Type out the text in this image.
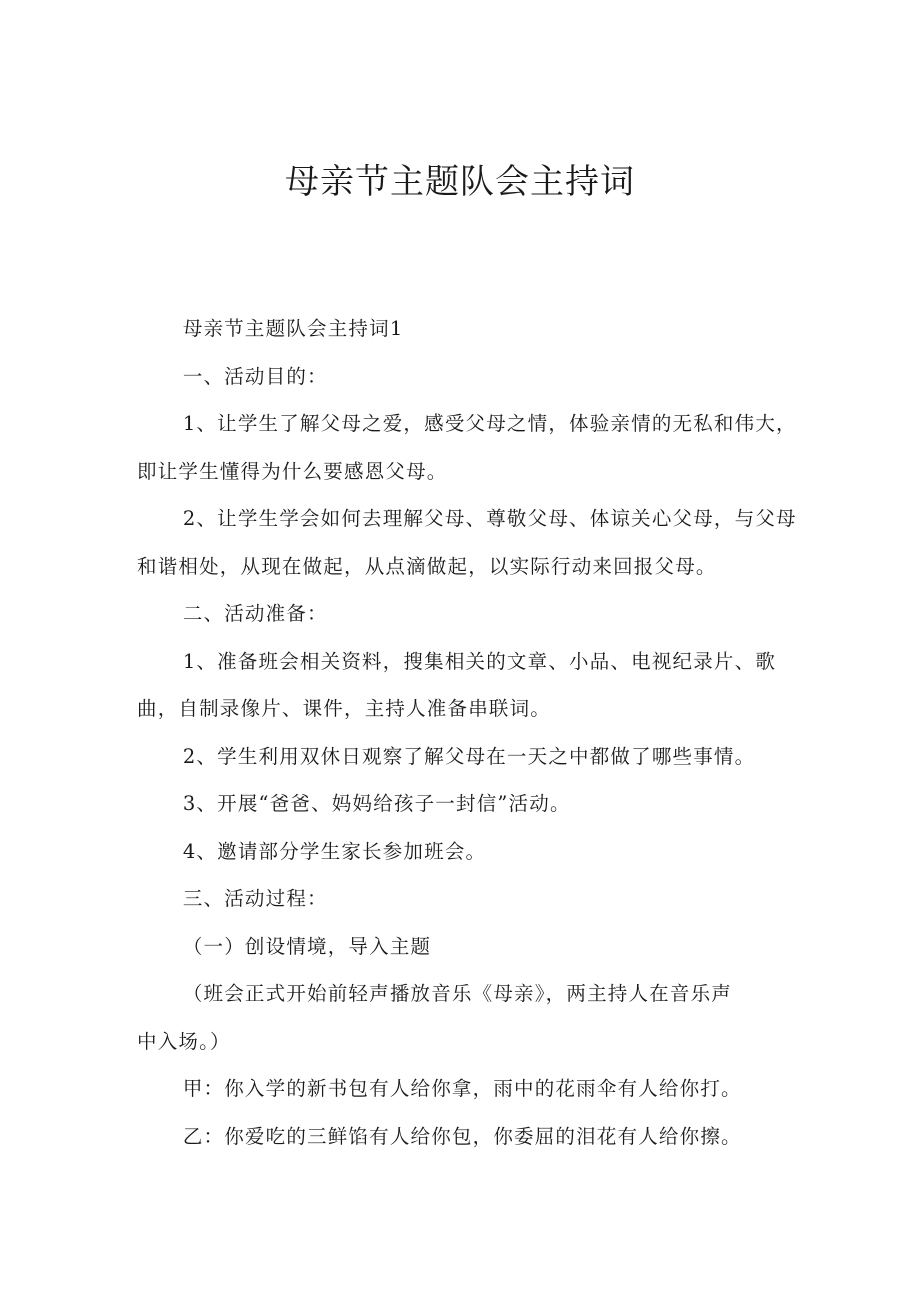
母亲节主题队会主持词

母亲节主题队会主持词1

一、活动目的：

1、让学生了解父母之爱，感受父母之情，体验亲情的无私和伟大，

即让学生懂得为什么要感恩父母。

2、让学生学会如何去理解父母、尊敬父母、体谅关心父母，与父母

和谐相处，从现在做起，从点滴做起，以实际行动来回报父母。

二、活动准备：

1、准备班会相关资料，搜集相关的文章、小品、电视纪录片、歌

曲，自制录像片、课件，主持人准备串联词。

2、学生利用双休日观察了解父母在一天之中都做了哪些事情。

3、开展“爸爸、妈妈给孩子一封信”活动。

4、邀请部分学生家长参加班会。

三、活动过程：

（一）创设情境，导入主题

（班会正式开始前轻声播放音乐《母亲》，两主持人在音乐声

中入场。）

甲：你入学的新书包有人给你拿，雨中的花雨伞有人给你打。

乙：你爱吃的三鲜馅有人给你包，你委屈的泪花有人给你擦。
